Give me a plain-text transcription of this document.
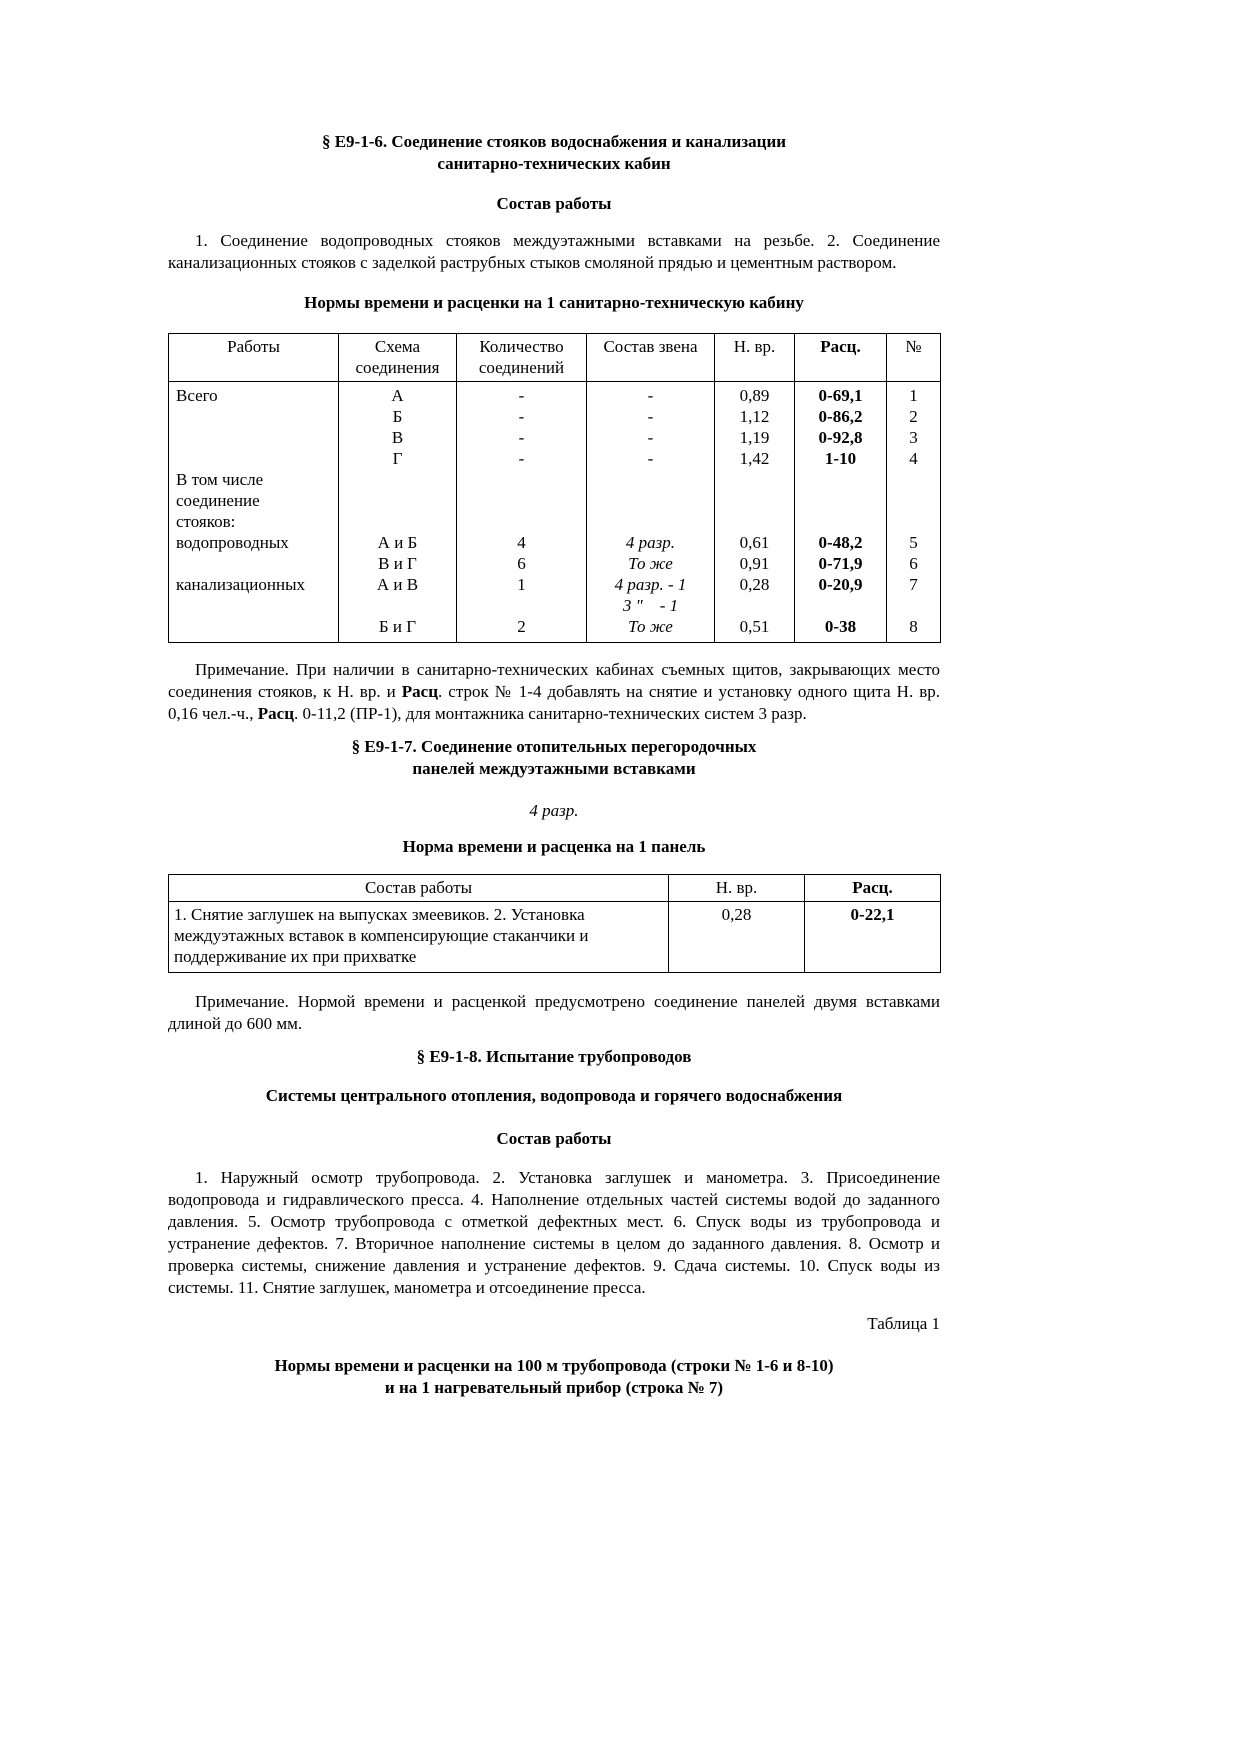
§ Е9-1-6. Соединение стояков водоснабжения и канализации
санитарно-технических кабин
Состав работы

1. Соединение водопроводных стояков междуэтажными вставками на резьбе. 2. Соединение канализационных стояков с заделкой раструбных стыков смоляной прядью и цементным раствором.

Нормы времени и расценки на 1 санитарно-техническую кабину
Работы	Схема соединения	Количество соединений	Состав звена	Н. вр.	Расц.	№
Всего	А	-	-	0,89	0-69,1	1
	Б	-	-	1,12	0-86,2	2
	В	-	-	1,19	0-92,8	3
	Г	-	-	1,42	1-10	4
В том числе						
соединение						
стояков:						
водопроводных	А и Б	4	4 разр.	0,61	0-48,2	5
	В и Г	6	То же	0,91	0-71,9	6
канализационных	А и В	1	4 разр. - 1	0,28	0-20,9	7
			3 "    - 1			
	Б и Г	2	То же	0,51	0-38	8

Примечание. При наличии в санитарно-технических кабинах съемных щитов, закрывающих место соединения стояков, к Н. вр. и Расц. строк № 1-4 добавлять на снятие и установку одного щита Н. вр. 0,16 чел.-ч., Расц. 0-11,2 (ПР-1), для монтажника санитарно-технических систем 3 разр.

§ Е9-1-7. Соединение отопительных перегородочных
панелей междуэтажными вставками
4 разр.
Норма времени и расценка на 1 панель
Состав работы	Н. вр.	Расц.
1. Снятие заглушек на выпусках змеевиков. 2. Установка междуэтажных вставок в компенсирующие стаканчики и поддерживание их при прихватке	0,28	0-22,1

Примечание. Нормой времени и расценкой предусмотрено соединение панелей двумя вставками длиной до 600 мм.

§ Е9-1-8. Испытание трубопроводов
Системы центрального отопления, водопровода и горячего водоснабжения
Состав работы

1. Наружный осмотр трубопровода. 2. Установка заглушек и манометра. 3. Присоединение водопровода и гидравлического пресса. 4. Наполнение отдельных частей системы водой до заданного давления. 5. Осмотр трубопровода с отметкой дефектных мест. 6. Спуск воды из трубопровода и устранение дефектов. 7. Вторичное наполнение системы в целом до заданного давления. 8. Осмотр и проверка системы, снижение давления и устранение дефектов. 9. Сдача системы. 10. Спуск воды из системы. 11. Снятие заглушек, манометра и отсоединение пресса.

Таблица 1
Нормы времени и расценки на 100 м трубопровода (строки № 1-6 и 8-10)
и на 1 нагревательный прибор (строка № 7)
